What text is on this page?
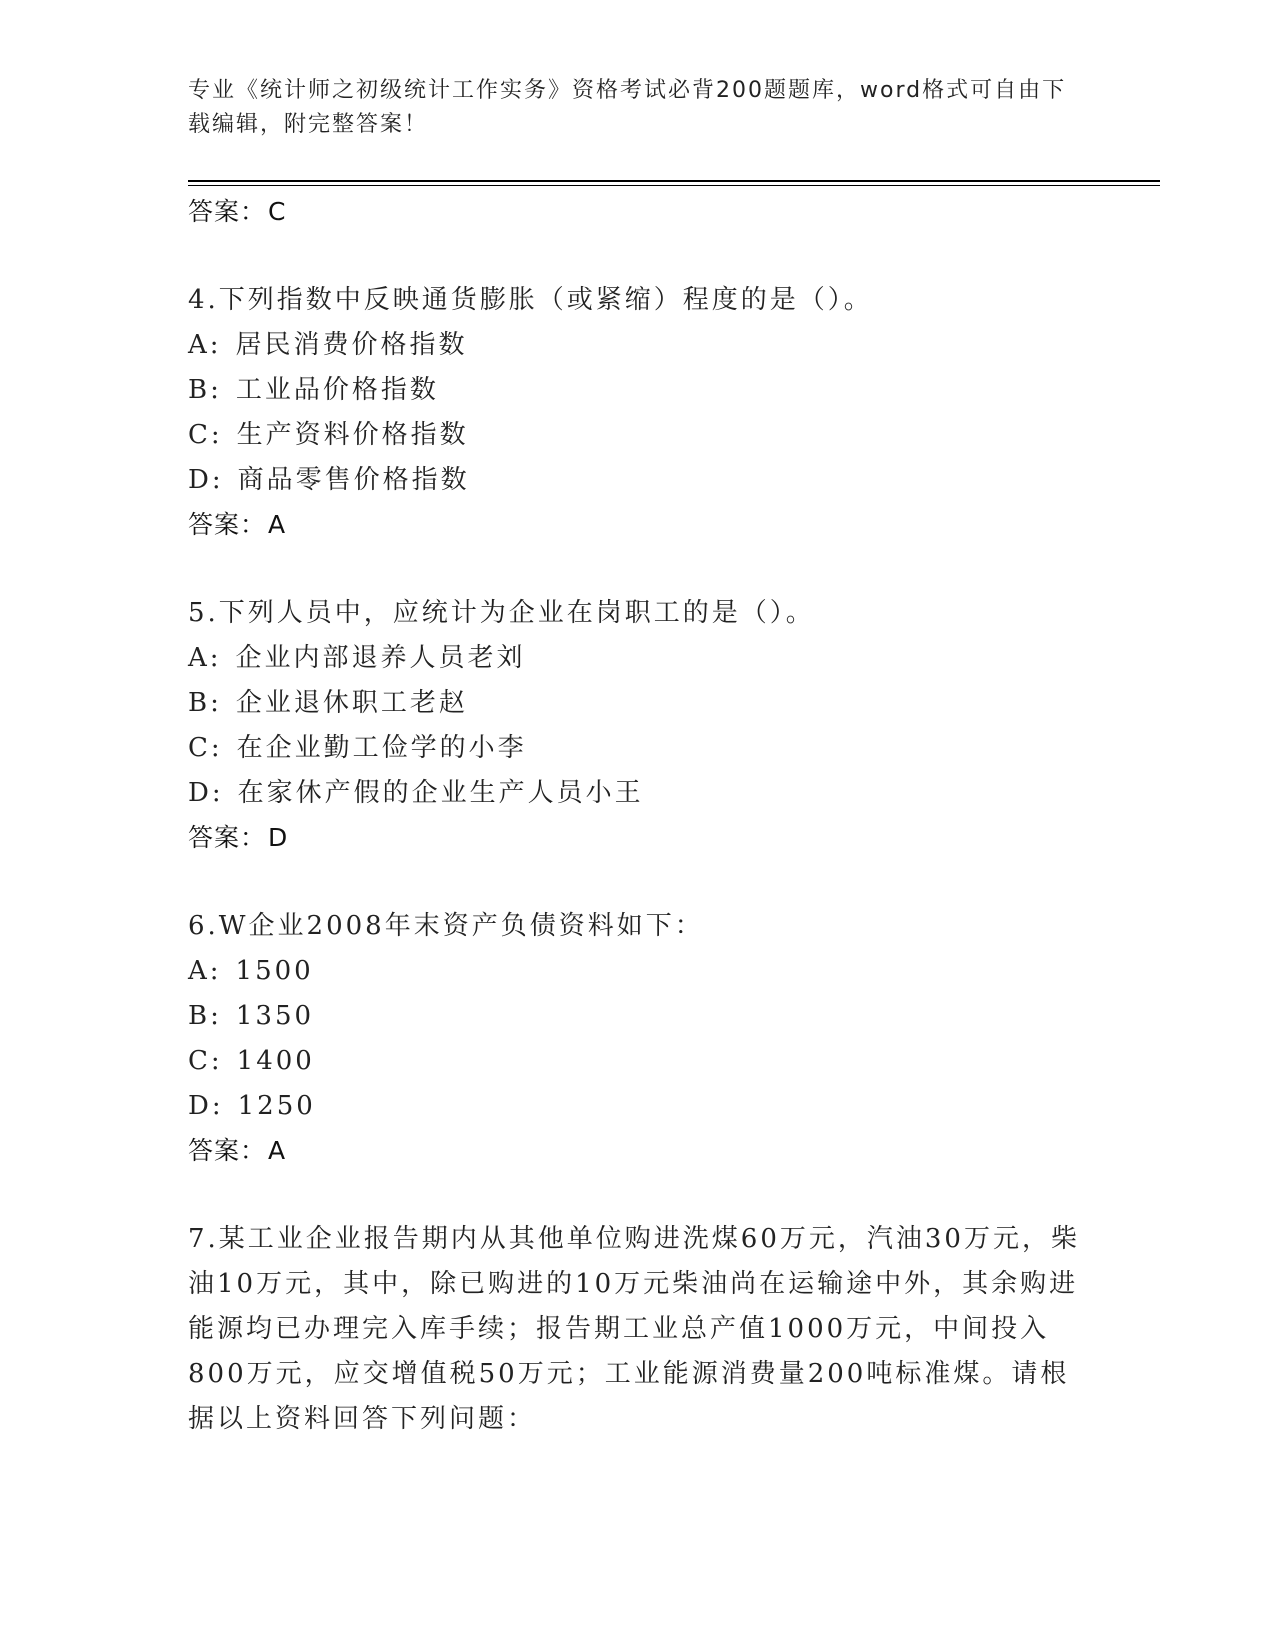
专业《统计师之初级统计工作实务》资格考试必背200题题库，word格式可自由下载编辑，附完整答案！
答案：C
4.下列指数中反映通货膨胀（或紧缩）程度的是（）。
A: 居民消费价格指数
B: 工业品价格指数
C: 生产资料价格指数
D: 商品零售价格指数
答案：A
5.下列人员中，应统计为企业在岗职工的是（）。
A: 企业内部退养人员老刘
B: 企业退休职工老赵
C: 在企业勤工俭学的小李
D: 在家休产假的企业生产人员小王
答案：D
6.W企业2008年末资产负债资料如下：
A: 1500
B: 1350
C: 1400
D: 1250
答案：A
7.某工业企业报告期内从其他单位购进洗煤60万元，汽油30万元，柴油10万元，其中，除已购进的10万元柴油尚在运输途中外，其余购进能源均已办理完入库手续；报告期工业总产值1000万元，中间投入800万元，应交增值税50万元；工业能源消费量200吨标准煤。请根据以上资料回答下列问题：
